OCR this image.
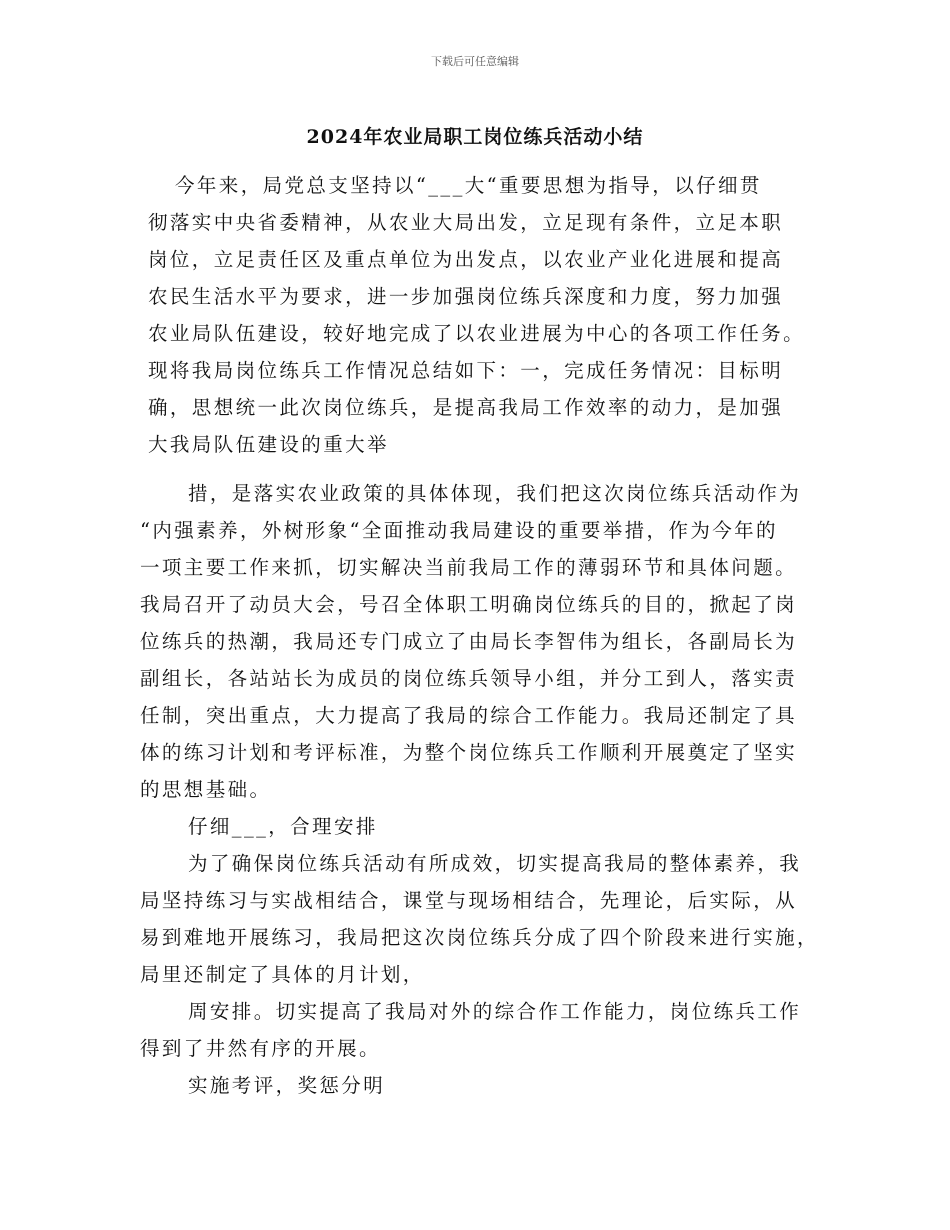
下载后可任意编辑
2024年农业局职工岗位练兵活动小结
今年来，局党总支坚持以“___大“重要思想为指导，以仔细贯
彻落实中央省委精神，从农业大局出发，立足现有条件，立足本职
岗位，立足责任区及重点单位为出发点，以农业产业化进展和提高
农民生活水平为要求，进一步加强岗位练兵深度和力度，努力加强
农业局队伍建设，较好地完成了以农业进展为中心的各项工作任务。
现将我局岗位练兵工作情况总结如下：一，完成任务情况：目标明
确，思想统一此次岗位练兵，是提高我局工作效率的动力，是加强
大我局队伍建设的重大举
措，是落实农业政策的具体体现，我们把这次岗位练兵活动作为
“内强素养，外树形象“全面推动我局建设的重要举措，作为今年的
一项主要工作来抓，切实解决当前我局工作的薄弱环节和具体问题。
我局召开了动员大会，号召全体职工明确岗位练兵的目的，掀起了岗
位练兵的热潮，我局还专门成立了由局长李智伟为组长，各副局长为
副组长，各站站长为成员的岗位练兵领导小组，并分工到人，落实责
任制，突出重点，大力提高了我局的综合工作能力。我局还制定了具
体的练习计划和考评标准，为整个岗位练兵工作顺利开展奠定了坚实
的思想基础。
仔细___，合理安排
为了确保岗位练兵活动有所成效，切实提高我局的整体素养，我
局坚持练习与实战相结合，课堂与现场相结合，先理论，后实际，从
易到难地开展练习，我局把这次岗位练兵分成了四个阶段来进行实施，
局里还制定了具体的月计划，
周安排。切实提高了我局对外的综合作工作能力，岗位练兵工作
得到了井然有序的开展。
实施考评，奖惩分明
